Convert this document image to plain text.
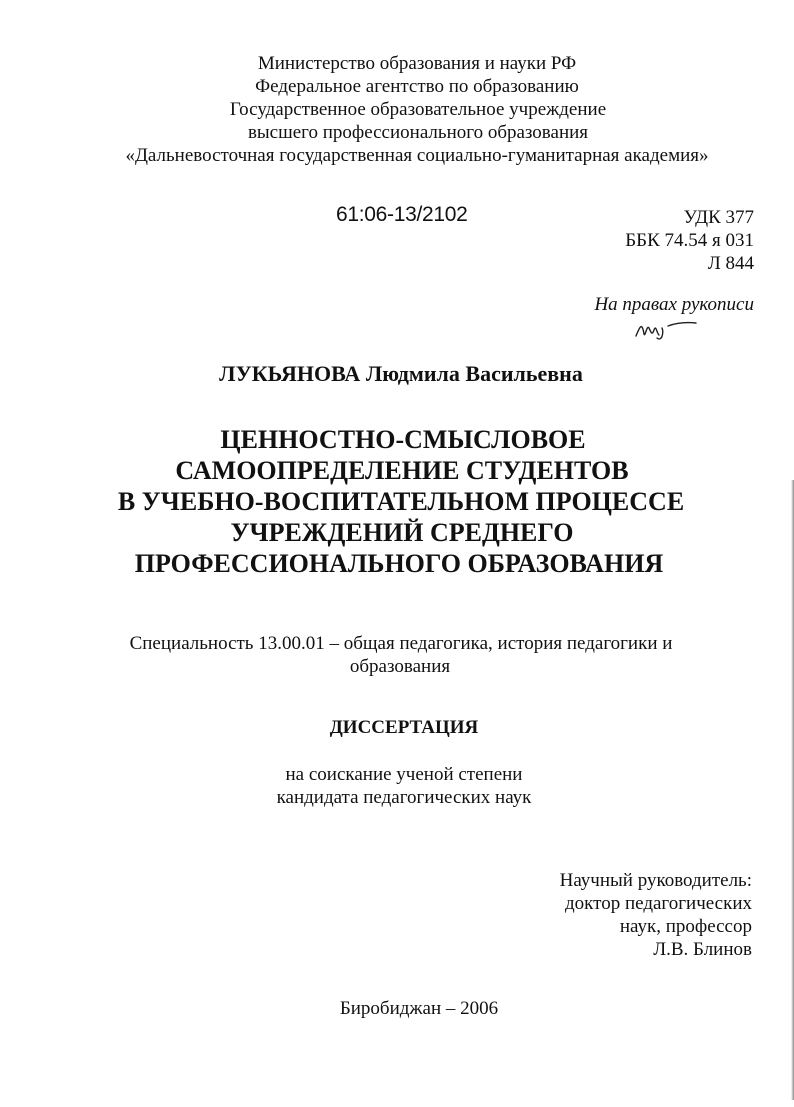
Министерство образования и науки РФ
Федеральное агентство по образованию
Государственное образовательное учреждение
высшего профессионального образования
«Дальневосточная государственная социально-гуманитарная академия»
61:06-13/2102	УДК 377
ББК 74.54 я 031
Л 844
На правах рукописи
ЛУКЬЯНОВА Людмила Васильевна
ЦЕННОСТНО-СМЫСЛОВОЕ
САМООПРЕДЕЛЕНИЕ СТУДЕНТОВ
В УЧЕБНО-ВОСПИТАТЕЛЬНОМ ПРОЦЕССЕ
УЧРЕЖДЕНИЙ СРЕДНЕГО
ПРОФЕССИОНАЛЬНОГО ОБРАЗОВАНИЯ
Специальность 13.00.01 – общая педагогика, история педагогики и
образования
ДИССЕРТАЦИЯ
на соискание ученой степени
кандидата педагогических наук
Научный руководитель:
доктор педагогических
наук, профессор
Л.В. Блинов
Биробиджан – 2006
